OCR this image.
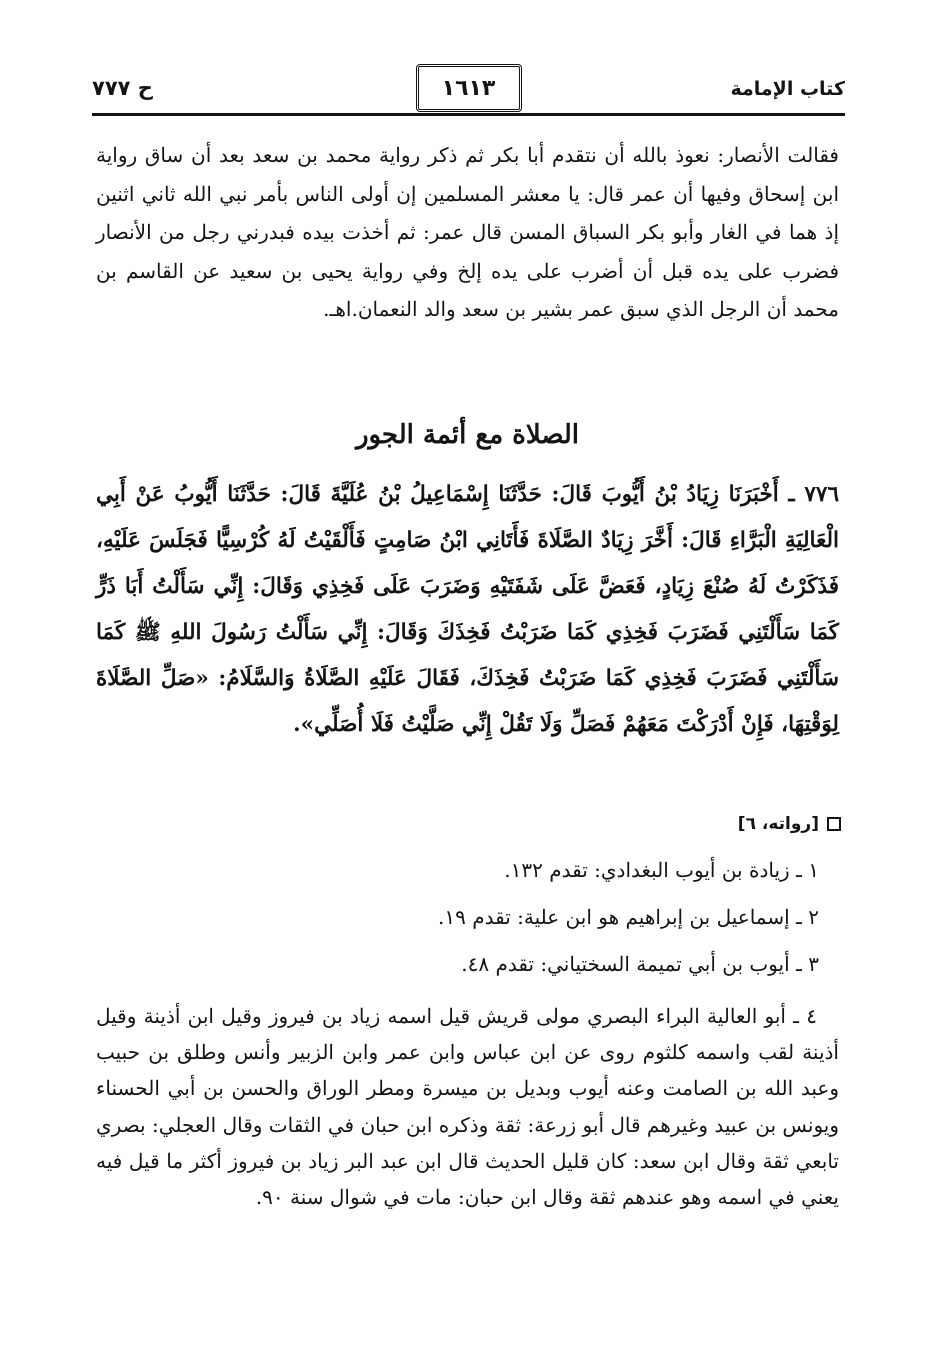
كتاب الإمامة
١٦١٣
ح ٧٧٧
فقالت الأنصار: نعوذ بالله أن نتقدم أبا بكر ثم ذكر رواية محمد بن سعد بعد أن ساق رواية ابن إسحاق وفيها أن عمر قال: يا معشر المسلمين إن أولى الناس بأمر نبي الله ثاني اثنين إذ هما في الغار وأبو بكر السباق المسن قال عمر: ثم أخذت بيده فبدرني رجل من الأنصار فضرب على يده قبل أن أضرب على يده إلخ وفي رواية يحيى بن سعيد عن القاسم بن محمد أن الرجل الذي سبق عمر بشير بن سعد والد النعمان.اهـ.
الصلاة مع أئمة الجور
٧٧٦ ـ أَخْبَرَنَا زِيَادُ بْنُ أَيُّوبَ قَالَ: حَدَّثَنَا إِسْمَاعِيلُ بْنُ عُلَيَّةَ قَالَ: حَدَّثَنَا أَيُّوبُ عَنْ أَبِي الْعَالِيَةِ الْبَرَّاءِ قَالَ: أَخَّرَ زِيَادٌ الصَّلَاةَ فَأَتَانِي ابْنُ صَامِتٍ فَأَلْقَيْتُ لَهُ كُرْسِيًّا فَجَلَسَ عَلَيْهِ، فَذَكَرْتُ لَهُ صُنْعَ زِيَادٍ، فَعَضَّ عَلَى شَفَتَيْهِ وَضَرَبَ عَلَى فَخِذِي وَقَالَ: إِنِّي سَأَلْتُ أَبَا ذَرٍّ كَمَا سَأَلْتَنِي فَضَرَبَ فَخِذِي كَمَا ضَرَبْتُ فَخِذَكَ وَقَالَ: إِنِّي سَأَلْتُ رَسُولَ اللهِ ﷺ كَمَا سَأَلْتَنِي فَضَرَبَ فَخِذِي كَمَا ضَرَبْتُ فَخِذَكَ، فَقَالَ عَلَيْهِ الصَّلَاةُ وَالسَّلَامُ: «صَلِّ الصَّلَاةَ لِوَقْتِهَا، فَإِنْ أَدْرَكْتَ مَعَهُمْ فَصَلِّ وَلَا تَقُلْ إِنِّي صَلَّيْتُ فَلَا أُصَلِّي».
[رواته، ٦]
١ ـ زيادة بن أيوب البغدادي: تقدم ١٣٢.
٢ ـ إسماعيل بن إبراهيم هو ابن علية: تقدم ١٩.
٣ ـ أيوب بن أبي تميمة السختياني: تقدم ٤٨.
٤ ـ أبو العالية البراء البصري مولى قريش قيل اسمه زياد بن فيروز وقيل ابن أذينة وقيل أذينة لقب واسمه كلثوم روى عن ابن عباس وابن عمر وابن الزبير وأنس وطلق بن حبيب وعبد الله بن الصامت وعنه أيوب وبديل بن ميسرة ومطر الوراق والحسن بن أبي الحسناء ويونس بن عبيد وغيرهم قال أبو زرعة: ثقة وذكره ابن حبان في الثقات وقال العجلي: بصري تابعي ثقة وقال ابن سعد: كان قليل الحديث قال ابن عبد البر زياد بن فيروز أكثر ما قيل فيه يعني في اسمه وهو عندهم ثقة وقال ابن حبان: مات في شوال سنة ٩٠.
